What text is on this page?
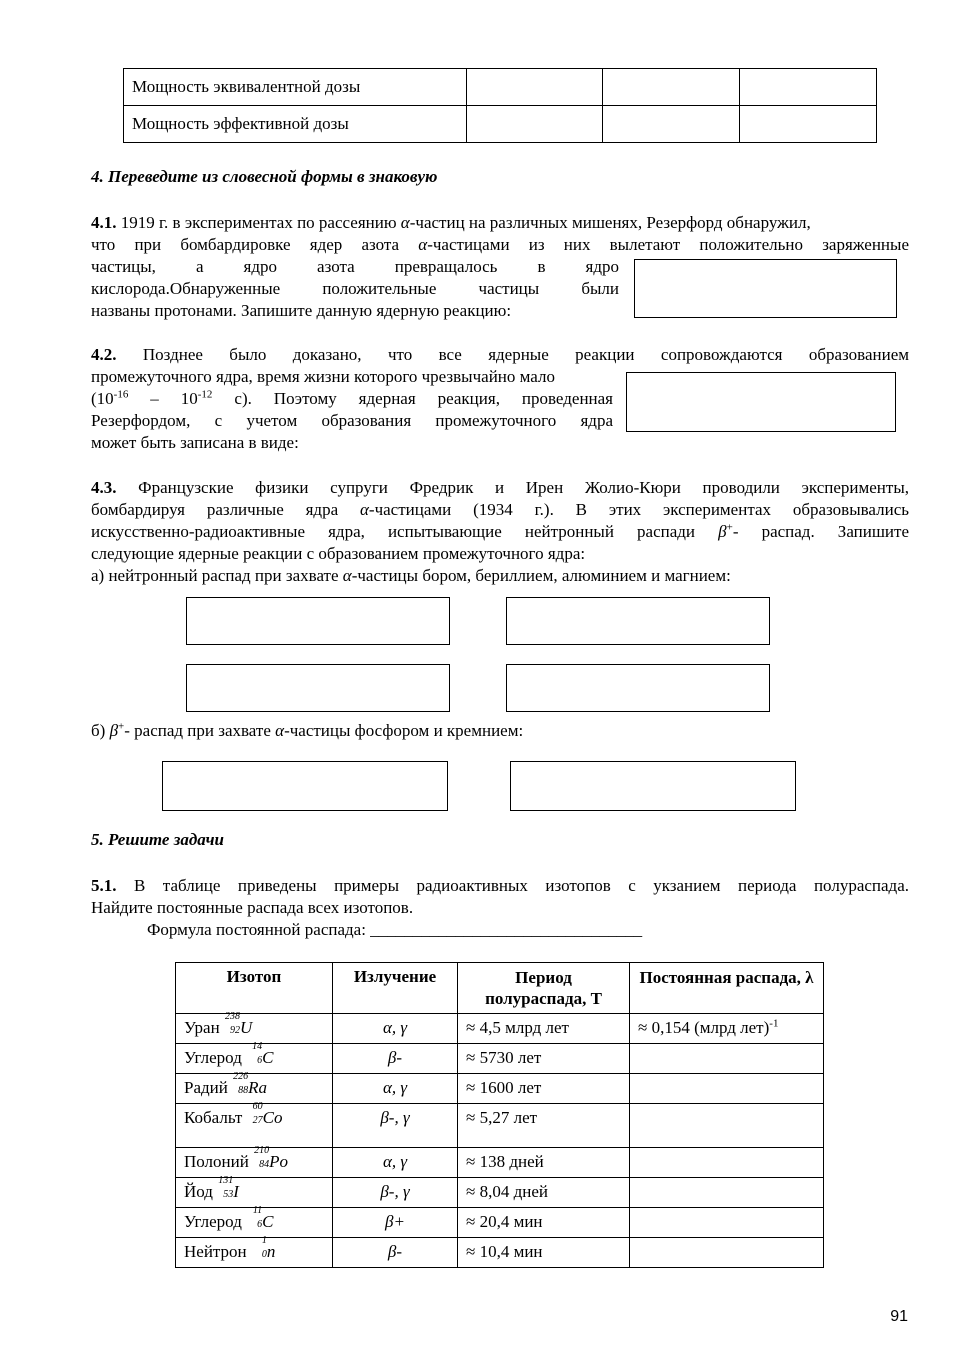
Мощность эквивалентной дозы			
Мощность эффективной дозы			

4. Переведите из словесной формы в знаковую

4.1. 1919 г. в экспериментах по рассеянию α-частиц на различных мишенях, Резерфорд обнаружил,

что при бомбардировке ядер азота α-частицами из них вылетают положительно заряженные

частицы, а ядро азота превращалось в ядро

кислорода.Обнаруженные положительные частицы были

названы протонами. Запишите данную ядерную реакцию:

4.2. Позднее было доказано, что все ядерные реакции сопровождаются образованием

промежуточного ядра, время жизни которого чрезвычайно мало

($10^{-16} - 10^{-12}$ с). Поэтому ядерная реакция, проведенная

Резерфордом, с учетом образования промежуточного ядра

может быть записана в виде:

4.3. Французские физики супруги Фредрик и Ирен Жолио-Кюри проводили эксперименты,

бомбардируя различные ядра α-частицами (1934 г.). В этих экспериментах образовывались

искусственно-радиоактивные ядра, испытывающие нейтронный распади β+- распад. Запишите

следующие ядерные реакции с образованием промежуточного ядра:

а) нейтронный распад при захвате α-частицы бором, бериллием, алюминием и магнием:

б) β+- распад при захвате α-частицы фосфором и кремнием:

5. Решите задачи

5.1. В таблице приведены примеры радиоактивных изотопов с укзанием периода полураспада.

Найдите постоянные распада всех изотопов.

Формула постоянной распада: ________________________________

Изотоп	Излучение	Период полураспада, Т	Постоянная распада, λ
Уран
238
92 U	α, γ	≈ 4,5 млрд лет	≈ 0,154 (млрд лет)$^{-1}$
Углерод
14
6 C	β-	≈ 5730 лет	
Радий
226
88 Ra	α, γ	≈ 1600 лет	
Кобальт
60
27 Co	β-, γ	≈ 5,27 лет	
Полоний
210
84 Po	α, γ	≈ 138 дней	
Йод
131
53 I	β-, γ	≈ 8,04 дней	
Углерод
11
6 C	β+	≈ 20,4 мин	
Нейтрон
1
0 n	β-	≈ 10,4 мин	
91
